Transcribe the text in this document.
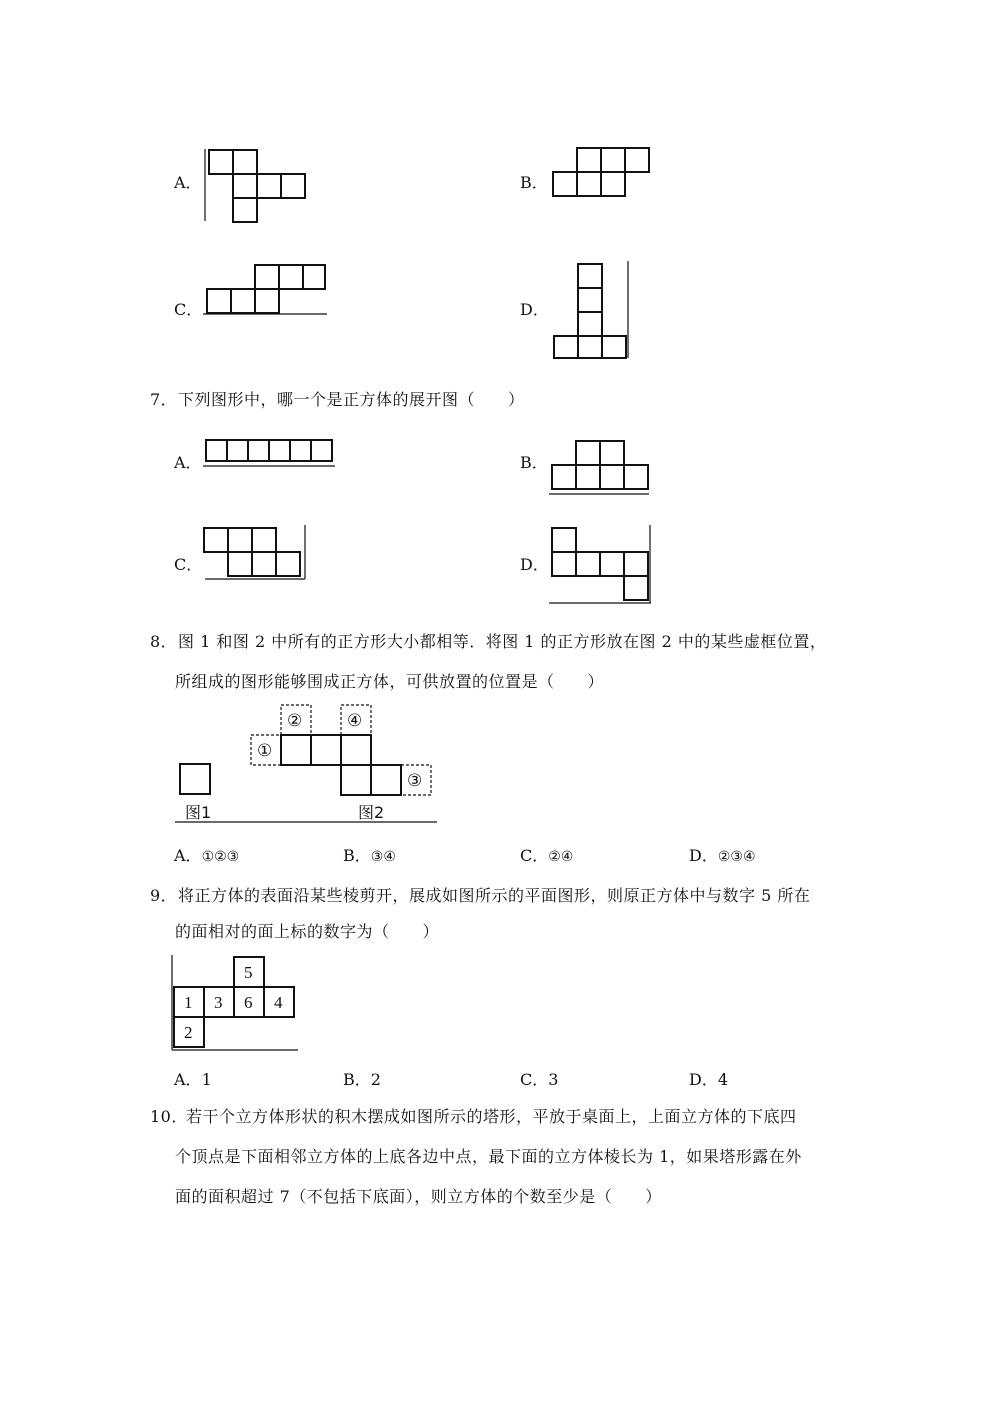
A．	B．
C．	D．
7． 下列图形中，哪一个是正方体的展开图（　　）
A．	B．
C．	D．
8． 图 1 和图 2 中所有的正方形大小都相等．将图 1 的正方形放在图 2 中的某些虚框位置，
所组成的图形能够围成正方体，可供放置的位置是（　　）
图1
①
②	④
③
图2
A．①②③	B．③④	C．②④	D．②③④
9． 将正方体的表面沿某些棱剪开，展成如图所示的平面图形，则原正方体中与数字 5 所在
的面相对的面上标的数字为（　　）
5
1 3 6 4
2
A．1	B．2	C．3	D．4
10．
若干个立方体形状的积木摆成如图所示的塔形，平放于桌面上，上面立方体的下底四
个顶点是下面相邻立方体的上底各边中点，最下面的立方体棱长为 1，如果塔形露在外
面的面积超过 7（不包括下底面），则立方体的个数至少是（　　）
